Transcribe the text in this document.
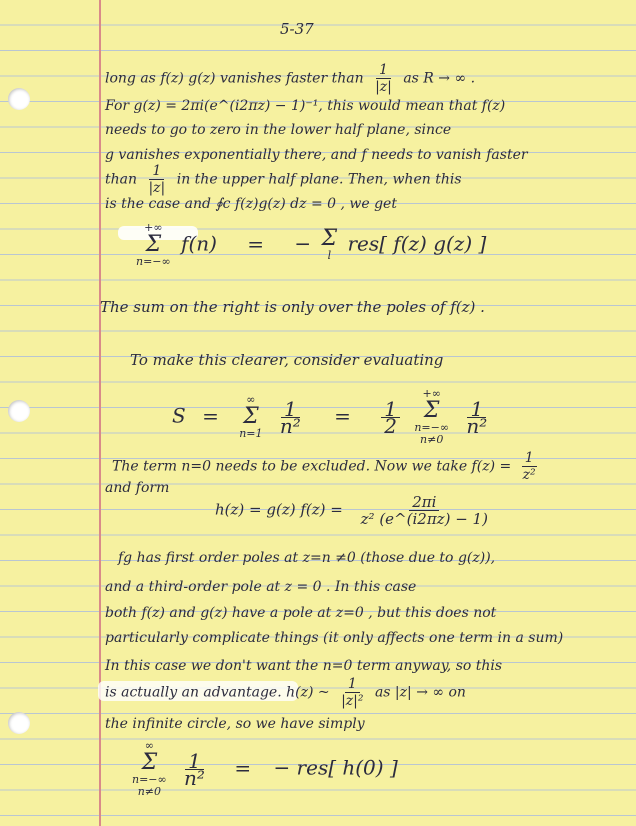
5-37
long as f(z) g(z) vanishes faster than $\frac{1}{|z|}$ as R → ∞ .
For g(z) = 2πi(e^(i2πz) − 1)⁻¹, this would mean that f(z)
needs to go to zero in the lower half plane, since
g vanishes exponentially there, and f needs to vanish faster
than $\frac{1}{|z|}$ in the upper half plane. Then, when this
is the case and ∮c f(z)g(z) dz = 0 , we get
+∞
Σ
n=−∞
f(n) = − Σ
l res[ f(z) g(z) ]
The sum on the right is only over the poles of f(z) .
To make this clearer, consider evaluating
S =
∞
Σ
n=1
$\frac{1}{\text{n²}} = \frac{1}{2}$

+∞
Σ
n=−∞
n≠0

$\frac{1}{\text{n²}}$
The term n=0 needs to be excluded. Now we take $f(z) = \frac{1}{\text{z²}}$
and form
h(z) = g(z) $f(z) = \frac{2\pi i}{\text{z² (e\textasciicircum{}(i2πz) − 1)}}$
fg has first order poles at z=n ≠0 (those due to g(z)),
and a third-order pole at z = 0 . In this case
both f(z) and g(z) have a pole at z=0 , but this does not
particularly complicate things (it only affects one term in a sum)
In this case we don't want the n=0 term anyway, so this
is actually an advantage. h(z) ~ $\frac{1}{\text{|z|²}}$ as |z| → ∞ on
the infinite circle, so we have simply
∞
Σ
n=−∞
n≠0

$\frac{1}{\text{n²}}$ = − res[ h(0) ]
